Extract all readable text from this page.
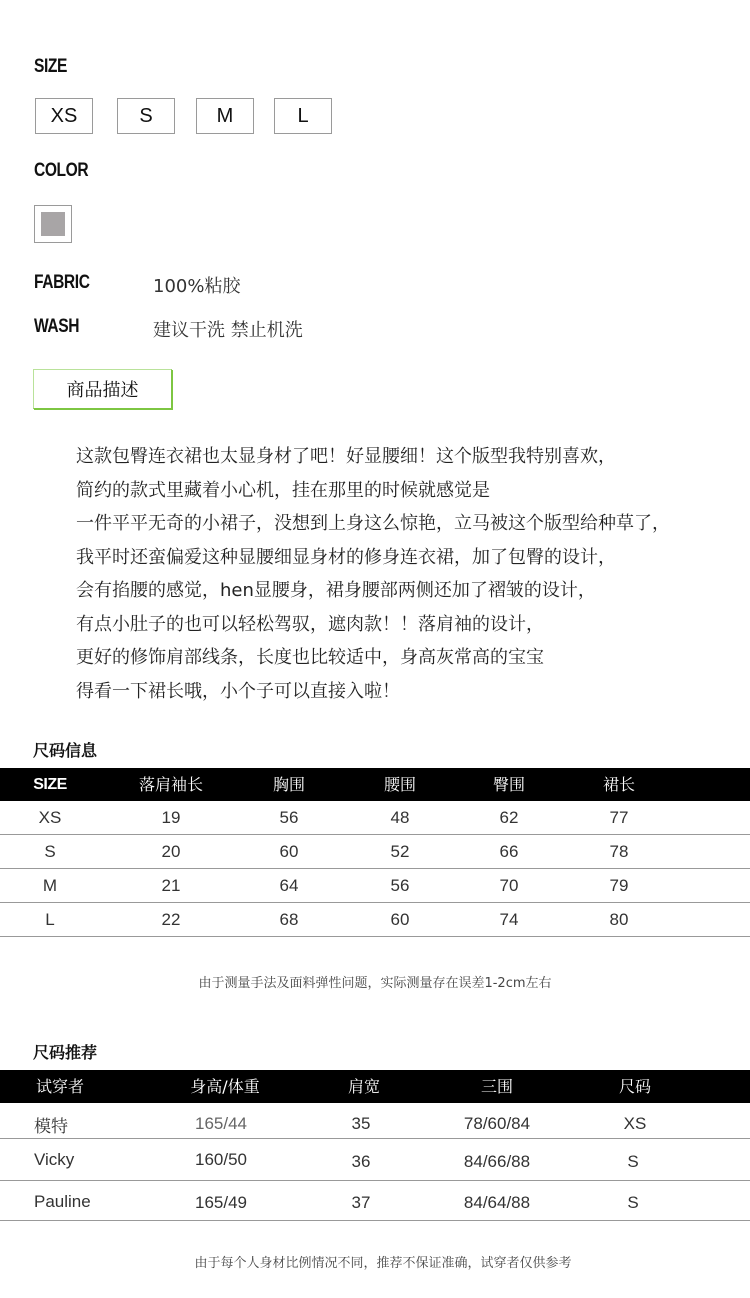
SIZE
XS	S	M	L
COLOR
FABRIC	100%粘胶
WASH	建议干洗 禁止机洗
商品描述
这款包臀连衣裙也太显身材了吧！好显腰细！这个版型我特别喜欢，
简约的款式里藏着小心机，挂在那里的时候就感觉是
一件平平无奇的小裙子，没想到上身这么惊艳，立马被这个版型给种草了，
我平时还蛮偏爱这种显腰细显身材的修身连衣裙，加了包臀的设计，
会有掐腰的感觉，hen显腰身，裙身腰部两侧还加了褶皱的设计，
有点小肚子的也可以轻松驾驭，遮肉款！！落肩袖的设计，
更好的修饰肩部线条，长度也比较适中，身高灰常高的宝宝
得看一下裙长哦，小个子可以直接入啦！
尺码信息
SIZE	落肩袖长	胸围	腰围	臀围	裙长
XS	19	56	48	62	77
S	20	60	52	66	78
M	21	64	56	70	79
L	22	68	60	74	80
由于测量手法及面料弹性问题，实际测量存在误差1-2cm左右
尺码推荐
试穿者	身高/体重	肩宽	三围	尺码
模特	165/44	35	78/60/84	XS
Vicky	160/50	36	84/66/88	S
Pauline	165/49	37	84/64/88	S
由于每个人身材比例情况不同，推荐不保证准确，试穿者仅供参考
